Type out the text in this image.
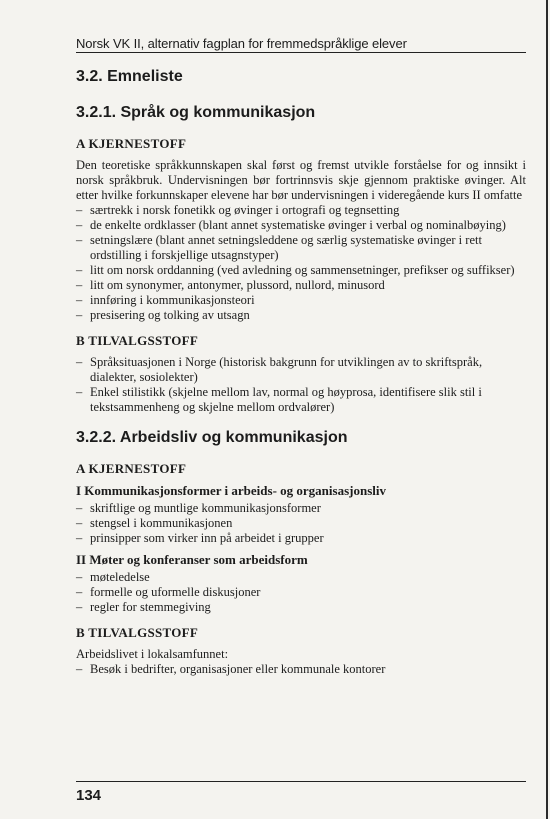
Norsk VK II, alternativ fagplan for fremmedspråklige elever
3.2. Emneliste
3.2.1. Språk og kommunikasjon
A KJERNESTOFF

Den teoretiske språkkunnskapen skal først og fremst utvikle forståelse for og innsikt i norsk språkbruk. Undervisningen bør fortrinnsvis skje gjennom praktiske øvinger. Alt etter hvilke forkunnskaper elevene har bør undervisningen i videregående kurs II omfatte

– særtrekk i norsk fonetikk og øvinger i ortografi og tegnsetting
– de enkelte ordklasser (blant annet systematiske øvinger i verbal og nominalbøying)
– setningslære (blant annet setningsleddene og særlig systematiske øvinger i rett ordstilling i forskjellige utsagnstyper)
– litt om norsk orddanning (ved avledning og sammensetninger, prefikser og suffikser)
– litt om synonymer, antonymer, plussord, nullord, minusord
– innføring i kommunikasjonsteori
– presisering og tolking av utsagn
B TILVALGSSTOFF
– Språksituasjonen i Norge (historisk bakgrunn for utviklingen av to skriftspråk, dialekter, sosiolekter)
– Enkel stilistikk (skjelne mellom lav, normal og høyprosa, identifisere slik stil i tekstsammenheng og skjelne mellom ordvalører)
3.2.2. Arbeidsliv og kommunikasjon
A KJERNESTOFF
I Kommunikasjonsformer i arbeids- og organisasjonsliv
– skriftlige og muntlige kommunikasjonsformer
– stengsel i kommunikasjonen
– prinsipper som virker inn på arbeidet i grupper
II Møter og konferanser som arbeidsform
– møteledelse
– formelle og uformelle diskusjoner
– regler for stemmegiving
B TILVALGSSTOFF

Arbeidslivet i lokalsamfunnet:

– Besøk i bedrifter, organisasjoner eller kommunale kontorer
134
